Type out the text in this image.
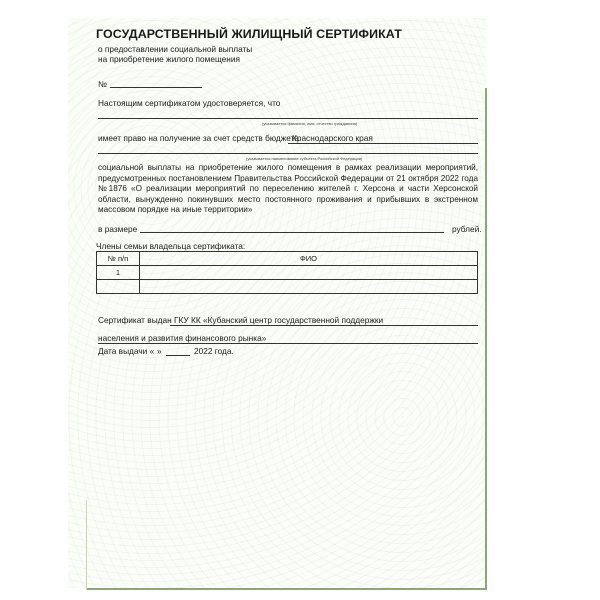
ГОСУДАРСТВЕННЫЙ ЖИЛИЩНЫЙ СЕРТИФИКАТ
о предоставлении социальной выплаты
на приобретение жилого помещения
№
Настоящим сертификатом удостоверяется, что
(указывается фамилия, имя, отчество гражданина)
имеет право на получение за счет средств бюджета
Краснодарского края
(указывается наименование субъекта Российской Федерации)
социальной выплаты на приобретение жилого помещения в рамках реализации мероприятий, предусмотренных постановлением Правительства Российской Федерации от 21 октября 2022 года №1876 «О реализации мероприятий по переселению жителей г. Херсона и части Херсонской области, вынужденно покинувших место постоянного проживания и прибывших в экстренном массовом порядке на иные территории»
в размере	рублей.
Члены семьи владельца сертификата:
№ п/п	ФИО
1	

Сертификат выдан ГКУ КК «Кубанский центр государственной поддержки
населения и развития финансового рынка»
Дата выдачи « »	2022 года.
